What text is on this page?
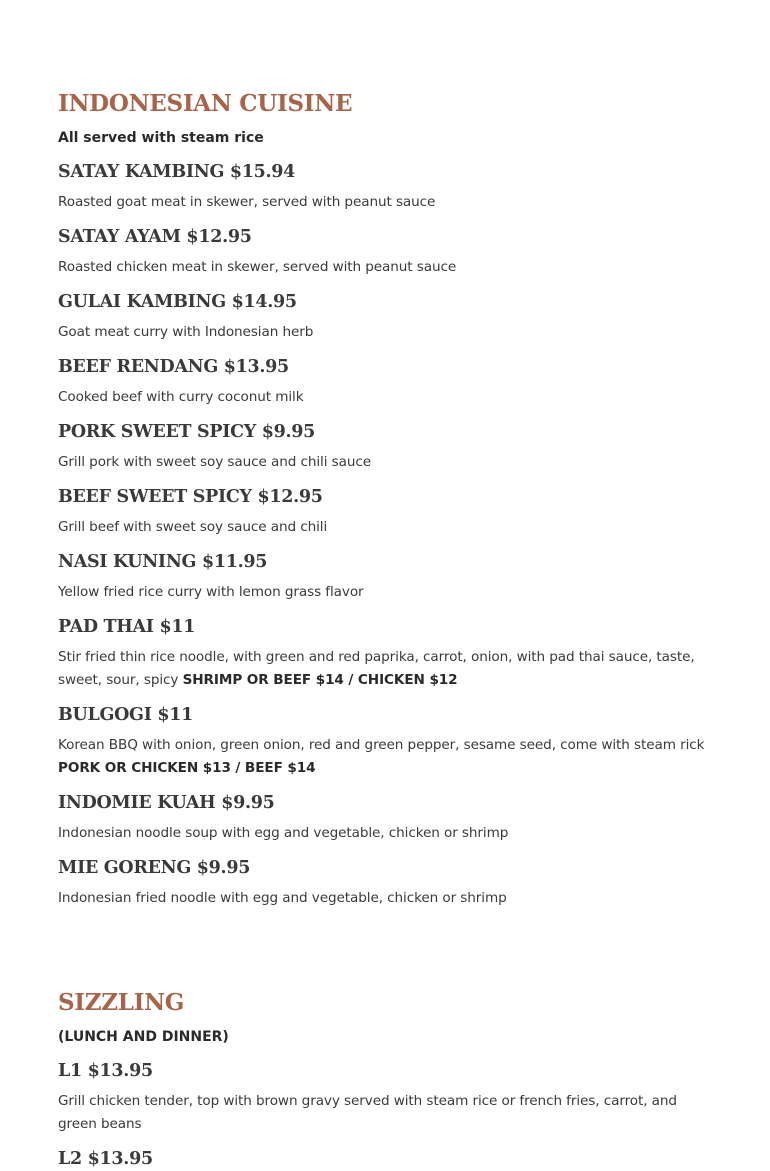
INDONESIAN CUISINE

All served with steam rice

SATAY KAMBING $15.94

Roasted goat meat in skewer, served with peanut sauce

SATAY AYAM $12.95

Roasted chicken meat in skewer, served with peanut sauce

GULAI KAMBING $14.95

Goat meat curry with Indonesian herb

BEEF RENDANG $13.95

Cooked beef with curry coconut milk

PORK SWEET SPICY $9.95

Grill pork with sweet soy sauce and chili sauce

BEEF SWEET SPICY $12.95

Grill beef with sweet soy sauce and chili

NASI KUNING $11.95

Yellow fried rice curry with lemon grass flavor

PAD THAI $11

Stir fried thin rice noodle, with green and red paprika, carrot, onion, with pad thai sauce, taste, sweet, sour, spicy SHRIMP OR BEEF $14 / CHICKEN $12

BULGOGI $11

Korean BBQ with onion, green onion, red and green pepper, sesame seed, come with steam rick
PORK OR CHICKEN $13 / BEEF $14

INDOMIE KUAH $9.95

Indonesian noodle soup with egg and vegetable, chicken or shrimp

MIE GORENG $9.95

Indonesian fried noodle with egg and vegetable, chicken or shrimp

SIZZLING

(LUNCH AND DINNER)

L1 $13.95

Grill chicken tender, top with brown gravy served with steam rice or french fries, carrot, and green beans

L2 $13.95
